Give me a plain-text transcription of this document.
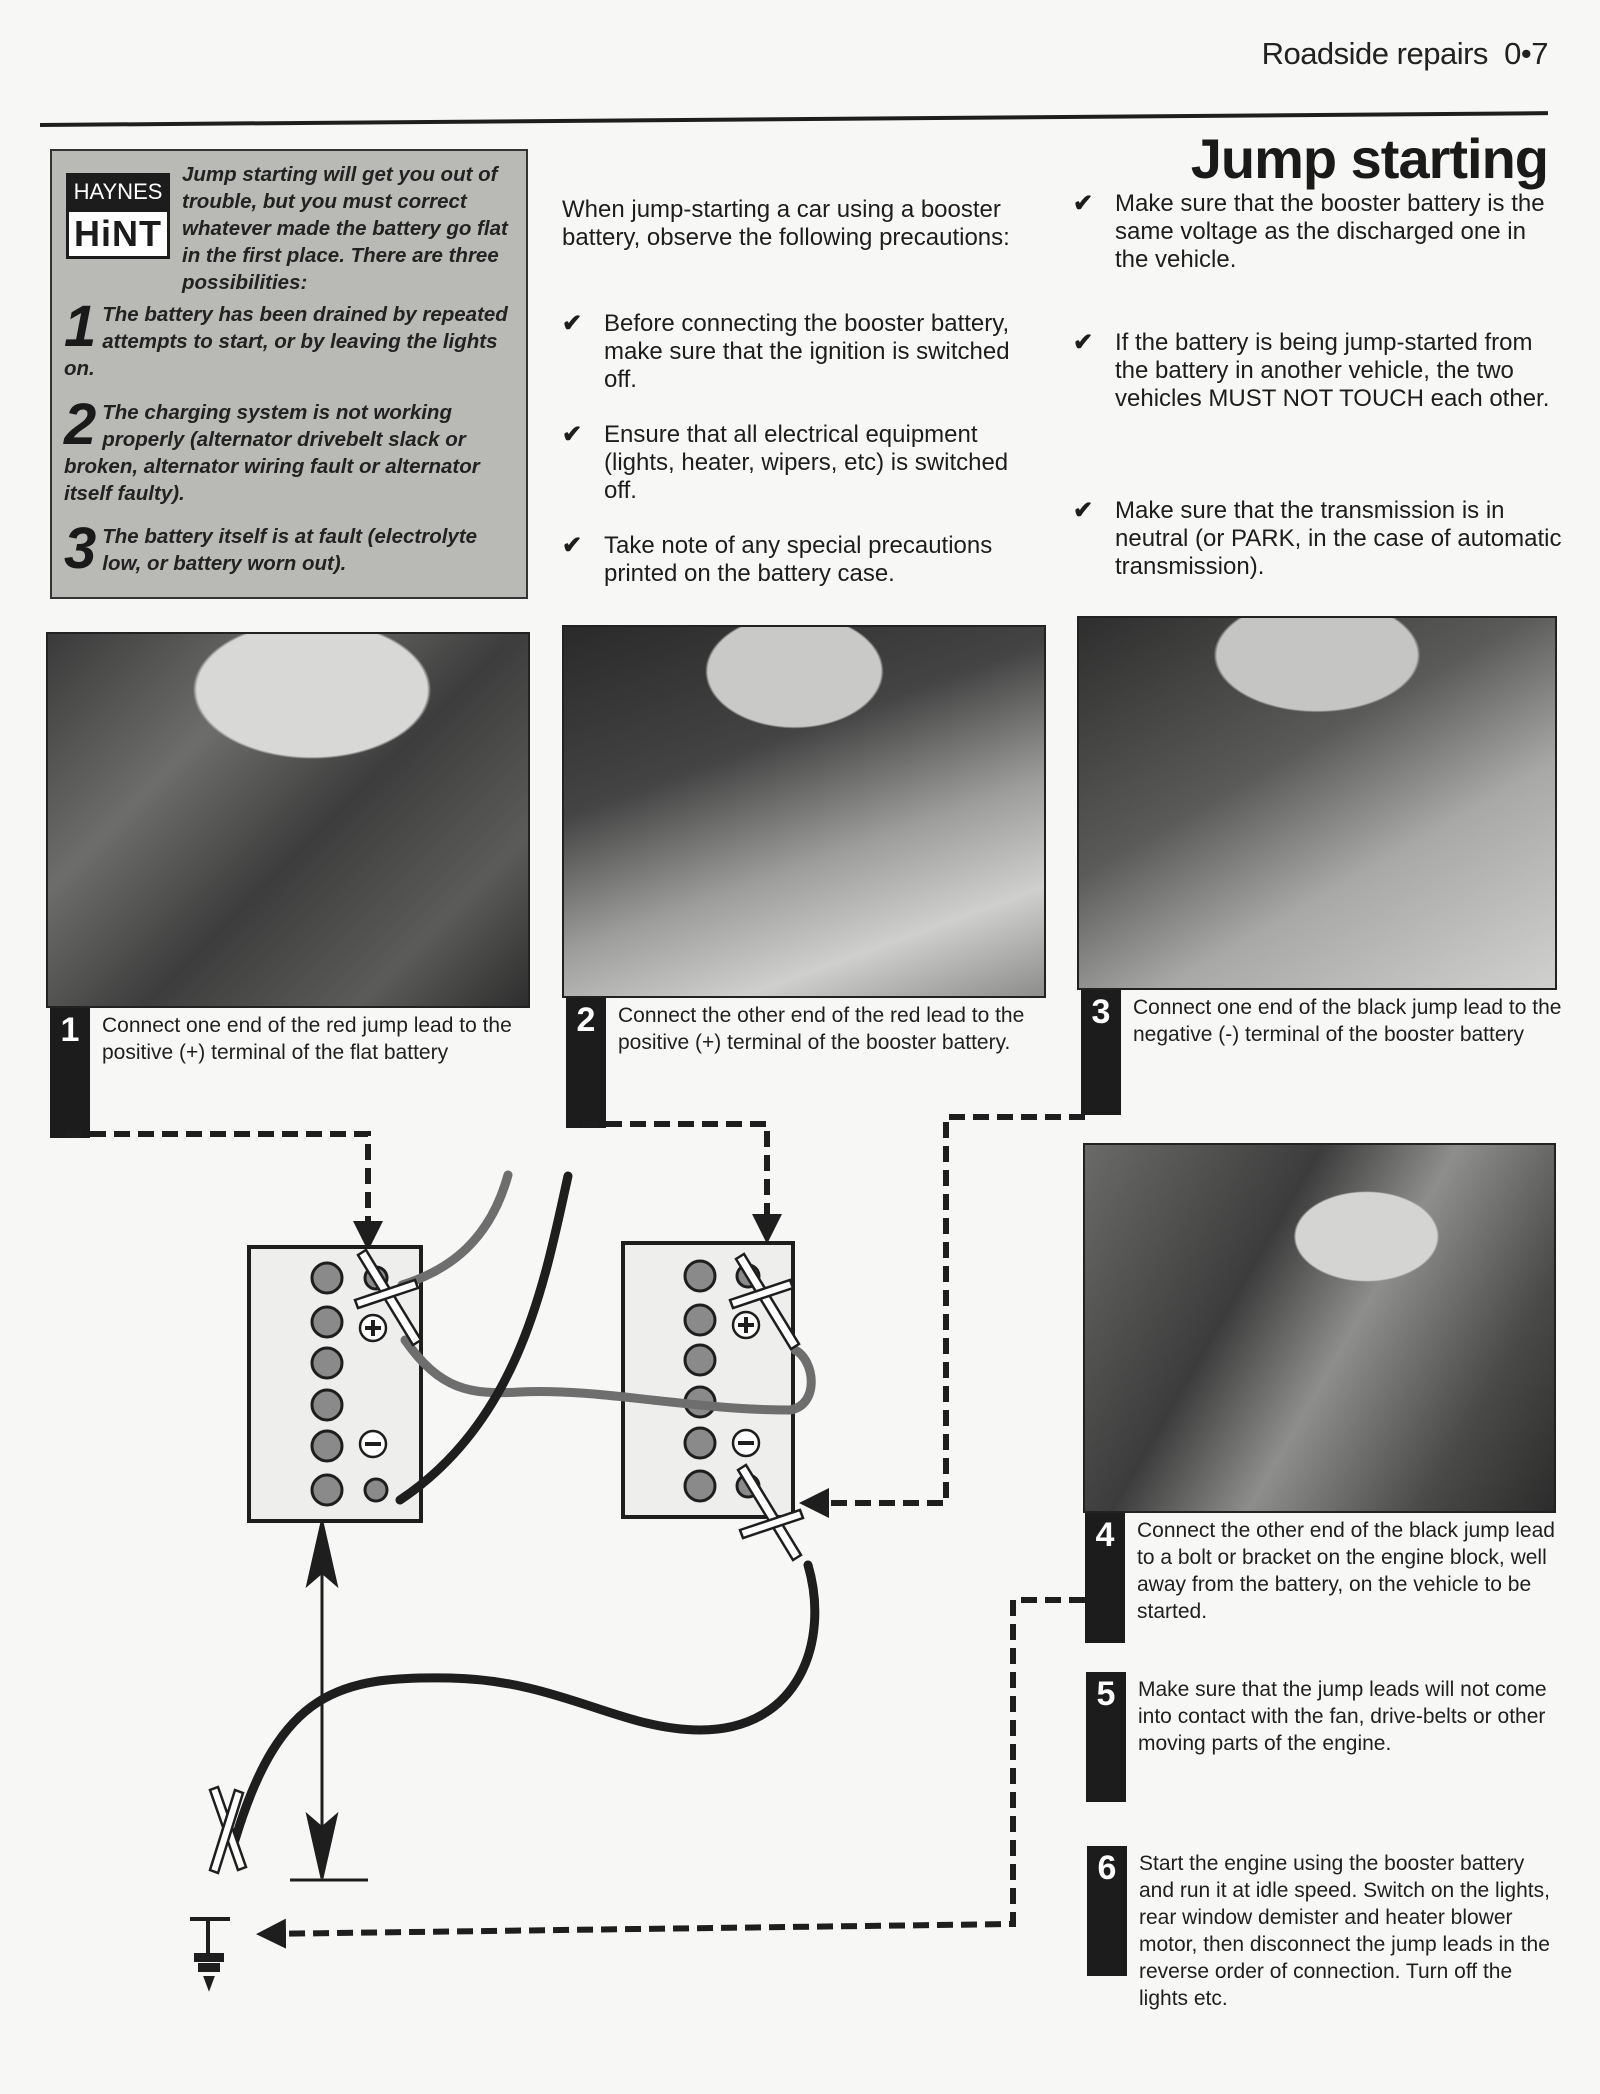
Roadside repairs 0•7
Jump starting
HAYNES
HiNT
Jump starting will get you out of trouble, but you must correct whatever made the battery go flat in the first place. There are three possibilities:
1 The battery has been drained by repeated attempts to start, or by leaving the lights on.
2 The charging system is not working properly (alternator drivebelt slack or broken, alternator wiring fault or alternator itself faulty).
3 The battery itself is at fault (electrolyte low, or battery worn out).
When jump-starting a car using a booster battery, observe the following precautions:
✔ Before connecting the booster battery, make sure that the ignition is switched off.
✔ Ensure that all electrical equipment (lights, heater, wipers, etc) is switched off.
✔ Take note of any special precautions printed on the battery case.
✔ Make sure that the booster battery is the same voltage as the discharged one in the vehicle.
✔ If the battery is being jump-started from the battery in another vehicle, the two vehicles MUST NOT TOUCH each other.
✔ Make sure that the transmission is in neutral (or PARK, in the case of automatic transmission).
1	Connect one end of the red jump lead to the positive (+) terminal of the flat battery
2	Connect the other end of the red lead to the positive (+) terminal of the booster battery.
3	Connect one end of the black jump lead to the negative (-) terminal of the booster battery
4	Connect the other end of the black jump lead to a bolt or bracket on the engine block, well away from the battery, on the vehicle to be started.
5	Make sure that the jump leads will not come into contact with the fan, drive-belts or other moving parts of the engine.
6	Start the engine using the booster battery and run it at idle speed. Switch on the lights, rear window demister and heater blower motor, then disconnect the jump leads in the reverse order of connection. Turn off the lights etc.
